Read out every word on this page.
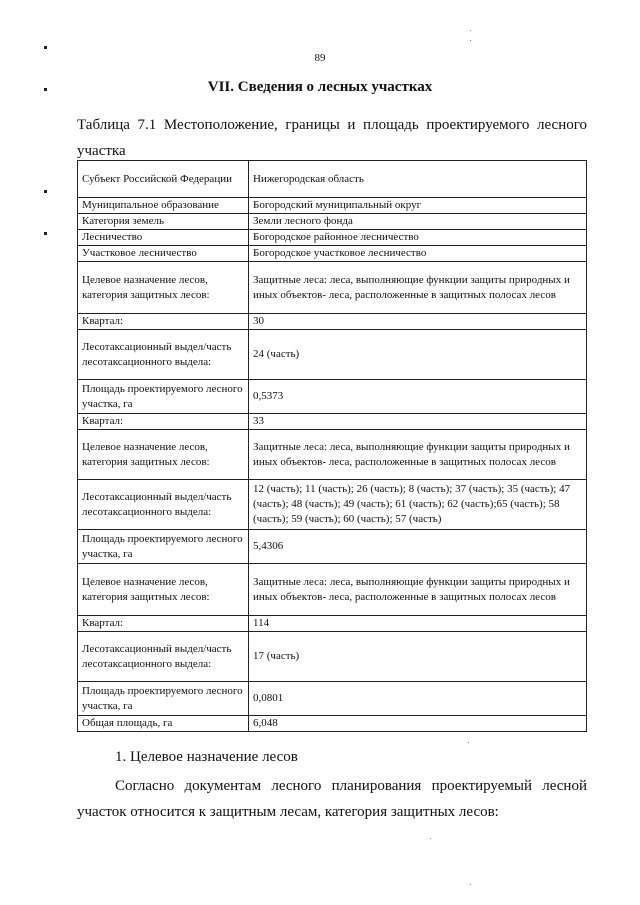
89
VII. Сведения о лесных участках
Таблица 7.1 Местоположение, границы и площадь проектируемого лесного
участка
Субъект Российской Федерации	Нижегородская область
Муниципальное образование	Богородский муниципальный округ
Категория земель	Земли лесного фонда
Лесничество	Богородское районное лесничество
Участковое лесничество	Богородское участковое лесничество
Целевое назначение лесов, категория защитных лесов:	Защитные леса: леса, выполняющие функции защиты природных и иных объектов- леса, расположенные в защитных полосах лесов
Квартал:	30
Лесотаксационный выдел/часть лесотаксационного выдела:	24 (часть)
Площадь проектируемого лесного участка, га	0,5373
Квартал:	33
Целевое назначение лесов, категория защитных лесов:	Защитные леса: леса, выполняющие функции защиты природных и иных объектов- леса, расположенные в защитных полосах лесов
Лесотаксационный выдел/часть лесотаксационного выдела:	12 (часть); 11 (часть); 26 (часть); 8 (часть); 37 (часть); 35 (часть); 47 (часть); 48 (часть); 49 (часть); 61 (часть); 62 (часть);65 (часть); 58 (часть); 59 (часть); 60 (часть); 57 (часть)
Площадь проектируемого лесного участка, га	5,4306
Целевое назначение лесов, категория защитных лесов:	Защитные леса: леса, выполняющие функции защиты природных и иных объектов- леса, расположенные в защитных полосах лесов
Квартал:	114
Лесотаксационный выдел/часть лесотаксационного выдела:	17 (часть)
Площадь проектируемого лесного участка, га	0,0801
Общая площадь, га	6,048
1. Целевое назначение лесов

Согласно документам лесного планирования проектируемый лесной участок относится к защитным лесам, категория защитных лесов:
